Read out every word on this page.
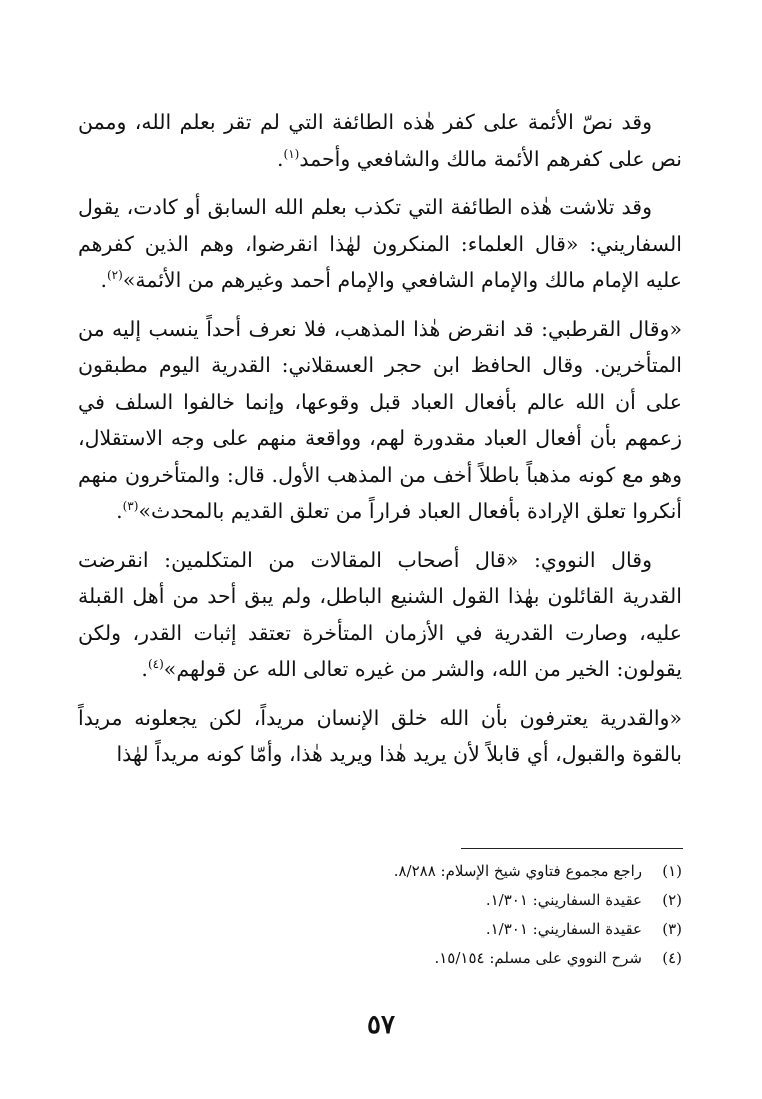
وقد نصّ الأئمة على كفر هٰذه الطائفة التي لم تقر بعلم الله، وممن نص على كفرهم الأئمة مالك والشافعي وأحمد$^{(١)}$.

وقد تلاشت هٰذه الطائفة التي تكذب بعلم الله السابق أو كادت، يقول السفاريني: «قال العلماء: المنكرون لهٰذا انقرضوا، وهم الذين كفرهم عليه الإمام مالك والإمام الشافعي والإمام أحمد وغيرهم من الأئمة»$^{(٢)}$.

«وقال القرطبي: قد انقرض هٰذا المذهب، فلا نعرف أحداً ينسب إليه من المتأخرين. وقال الحافظ ابن حجر العسقلاني: القدرية اليوم مطبقون على أن الله عالم بأفعال العباد قبل وقوعها، وإنما خالفوا السلف في زعمهم بأن أفعال العباد مقدورة لهم، وواقعة منهم على وجه الاستقلال، وهو مع كونه مذهباً باطلاً أخف من المذهب الأول. قال: والمتأخرون منهم أنكروا تعلق الإرادة بأفعال العباد فراراً من تعلق القديم بالمحدث»$^{(٣)}$.

وقال النووي: «قال أصحاب المقالات من المتكلمين: انقرضت القدرية القائلون بهٰذا القول الشنيع الباطل، ولم يبق أحد من أهل القبلة عليه، وصارت القدرية في الأزمان المتأخرة تعتقد إثبات القدر، ولكن يقولون: الخير من الله، والشر من غيره تعالى الله عن قولهم»$^{(٤)}$.

«والقدرية يعترفون بأن الله خلق الإنسان مريداً، لكن يجعلونه مريداً بالقوة والقبول، أي قابلاً لأن يريد هٰذا ويريد هٰذا، وأمّا كونه مريداً لهٰذا

(١)
راجع مجموع فتاوي شيخ الإسلام: ٨/٢٨٨.
(٢)
عقيدة السفاريني: ١/٣٠١.
(٣)
عقيدة السفاريني: ١/٣٠١.
(٤)
شرح النووي على مسلم: ١٥/١٥٤.
٥٧
